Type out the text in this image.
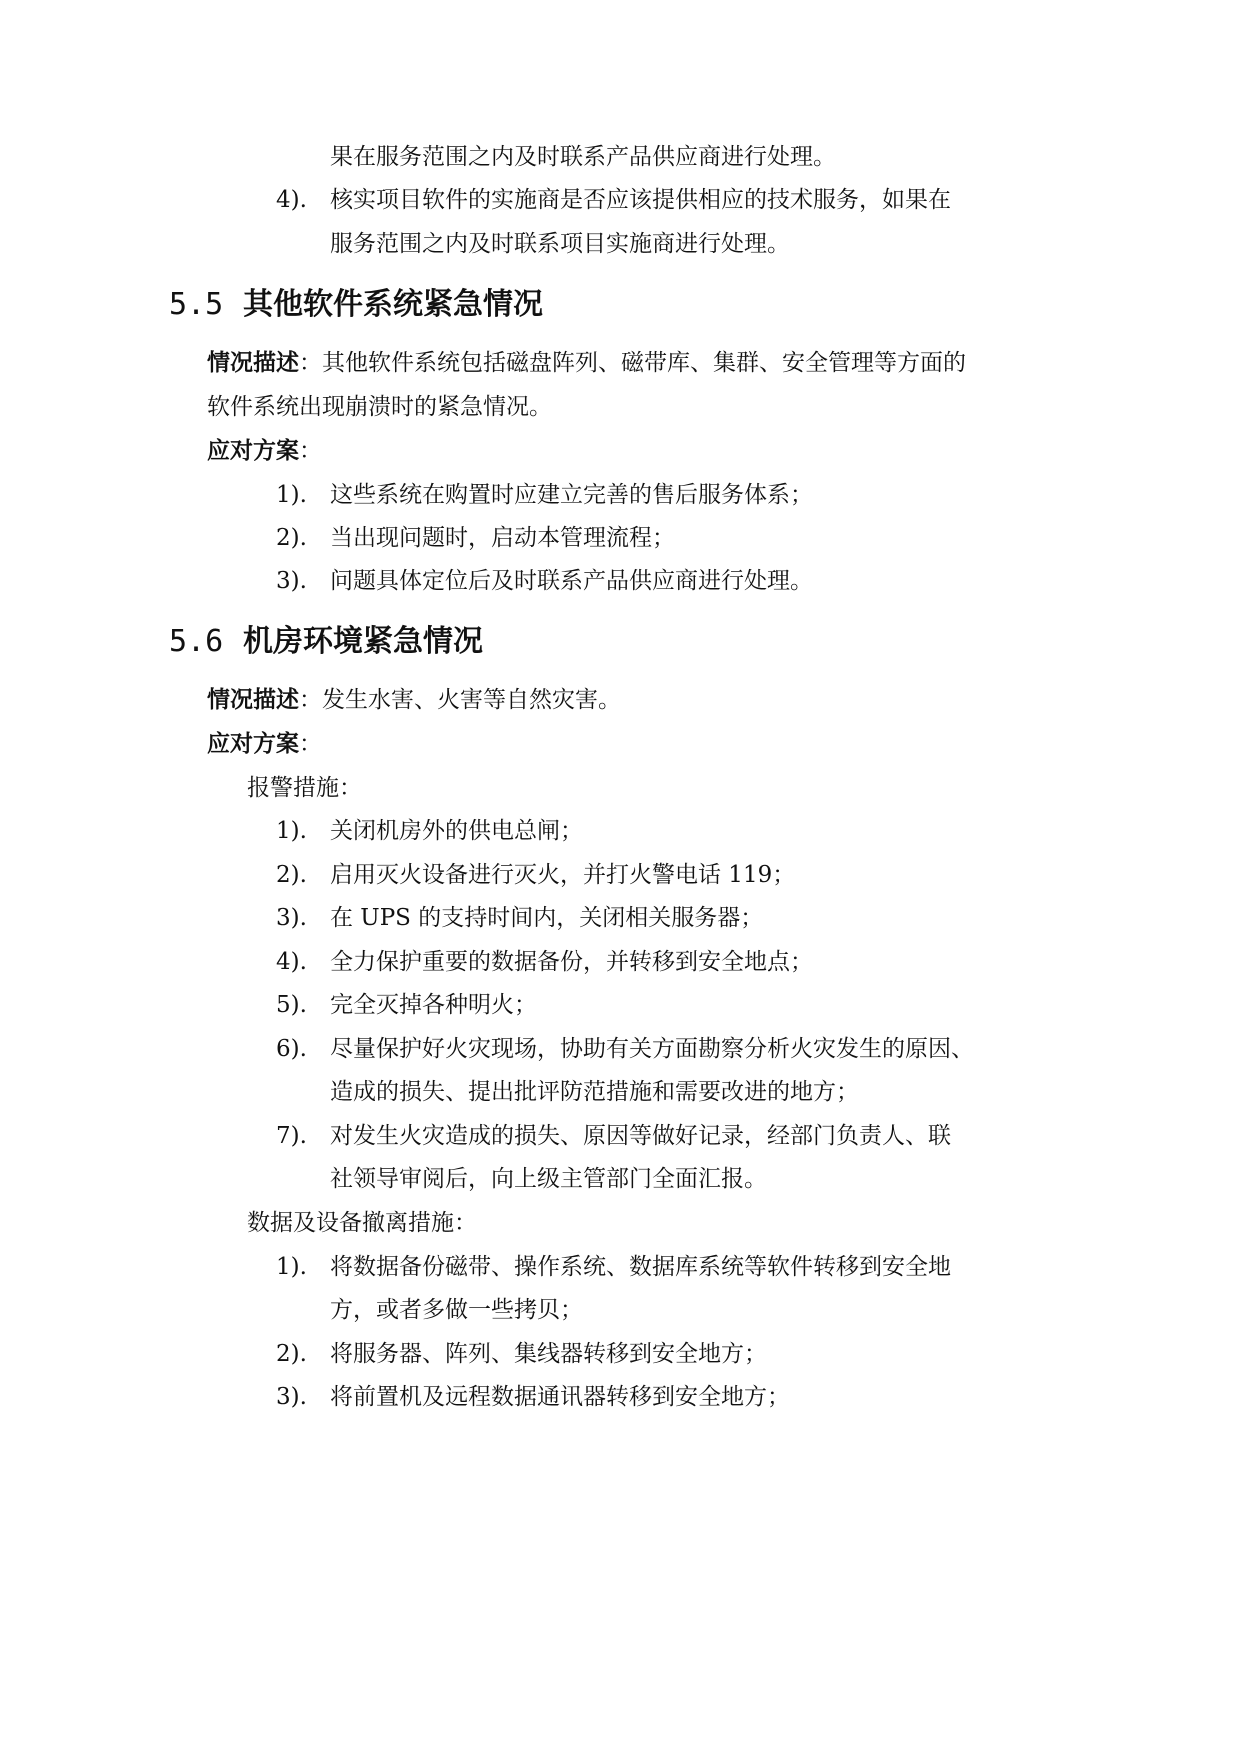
果在服务范围之内及时联系产品供应商进行处理。
4). 核实项目软件的实施商是否应该提供相应的技术服务，如果在
服务范围之内及时联系项目实施商进行处理。
5.5 其他软件系统紧急情况
情况描述：其他软件系统包括磁盘阵列、磁带库、集群、安全管理等方面的
软件系统出现崩溃时的紧急情况。
应对方案：
1). 这些系统在购置时应建立完善的售后服务体系；
2). 当出现问题时，启动本管理流程；
3). 问题具体定位后及时联系产品供应商进行处理。
5.6 机房环境紧急情况
情况描述：发生水害、火害等自然灾害。
应对方案：
报警措施：
1). 关闭机房外的供电总闸；
2). 启用灭火设备进行灭火，并打火警电话 119；
3). 在 UPS 的支持时间内，关闭相关服务器；
4). 全力保护重要的数据备份，并转移到安全地点；
5). 完全灭掉各种明火；
6). 尽量保护好火灾现场，协助有关方面勘察分析火灾发生的原因、
造成的损失、提出批评防范措施和需要改进的地方；
7). 对发生火灾造成的损失、原因等做好记录，经部门负责人、联
社领导审阅后，向上级主管部门全面汇报。
数据及设备撤离措施：
1). 将数据备份磁带、操作系统、数据库系统等软件转移到安全地
方，或者多做一些拷贝；
2). 将服务器、阵列、集线器转移到安全地方；
3). 将前置机及远程数据通讯器转移到安全地方；
